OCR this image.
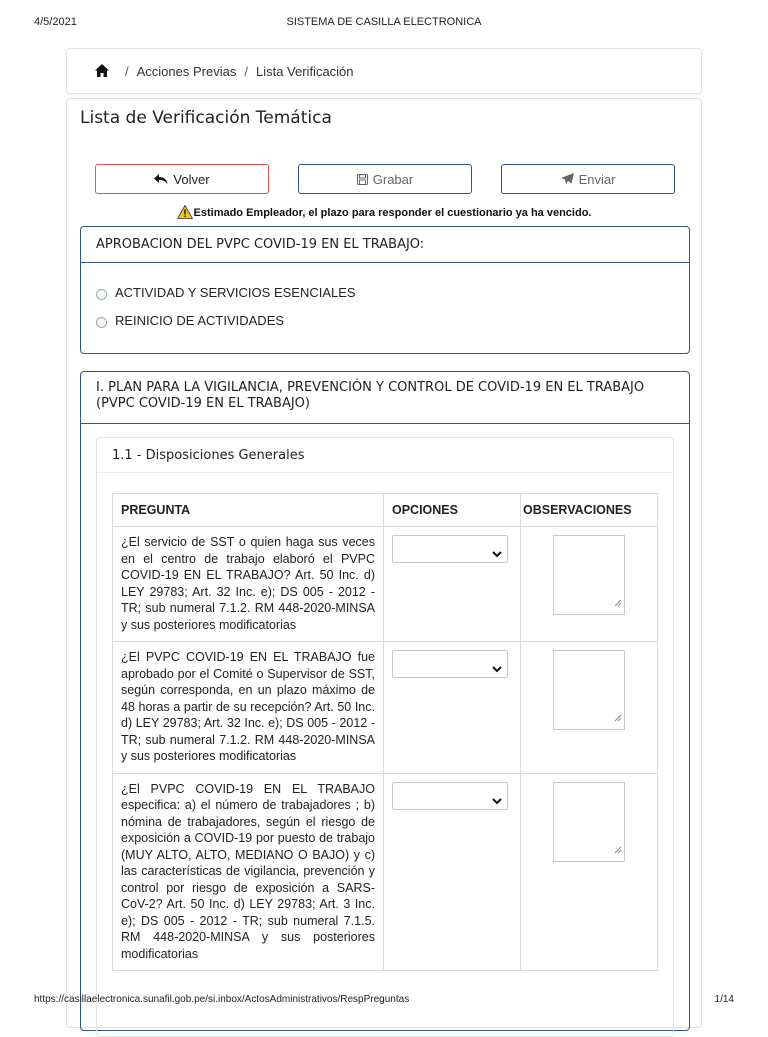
4/5/2021	SISTEMA DE CASILLA ELECTRONICA
/ Acciones Previas / Lista Verificación
Lista de Verificación Temática
Volver	Grabar	Enviar
Estimado Empleador, el plazo para responder el cuestionario ya ha vencido.
APROBACION DEL PVPC COVID-19 EN EL TRABAJO:
ACTIVIDAD Y SERVICIOS ESENCIALES
REINICIO DE ACTIVIDADES
I. PLAN PARA LA VIGILANCIA, PREVENCIÓN Y CONTROL DE COVID-19 EN EL TRABAJO (PVPC COVID-19 EN EL TRABAJO)
1.1 - Disposiciones Generales
PREGUNTA	OPCIONES	OBSERVACIONES
¿El servicio de SST o quien haga sus veces en el centro de trabajo elaboró el PVPC COVID-19 EN EL TRABAJO? Art. 50 Inc. d) LEY 29783; Art. 32 Inc. e); DS 005 - 2012 - TR; sub numeral 7.1.2. RM 448-2020-MINSA y sus posteriores modificatorias	

¿El PVPC COVID-19 EN EL TRABAJO fue aprobado por el Comité o Supervisor de SST, según corresponda, en un plazo máximo de 48 horas a partir de su recepción? Art. 50 Inc. d) LEY 29783; Art. 32 Inc. e); DS 005 - 2012 - TR; sub numeral 7.1.2. RM 448-2020-MINSA y sus posteriores modificatorias	

¿El PVPC COVID-19 EN EL TRABAJO especifica: a) el número de trabajadores ; b) nómina de trabajadores, según el riesgo de exposición a COVID-19 por puesto de trabajo (MUY ALTO, ALTO, MEDIANO O BAJO) y c) las características de vigilancia, prevención y control por riesgo de exposición a SARS-CoV-2? Art. 50 Inc. d) LEY 29783; Art. 3 Inc. e); DS 005 - 2012 - TR; sub numeral 7.1.5. RM 448-2020-MINSA y sus posteriores modificatorias	

https://casillaelectronica.sunafil.gob.pe/si.inbox/ActosAdministrativos/RespPreguntas	1/14
